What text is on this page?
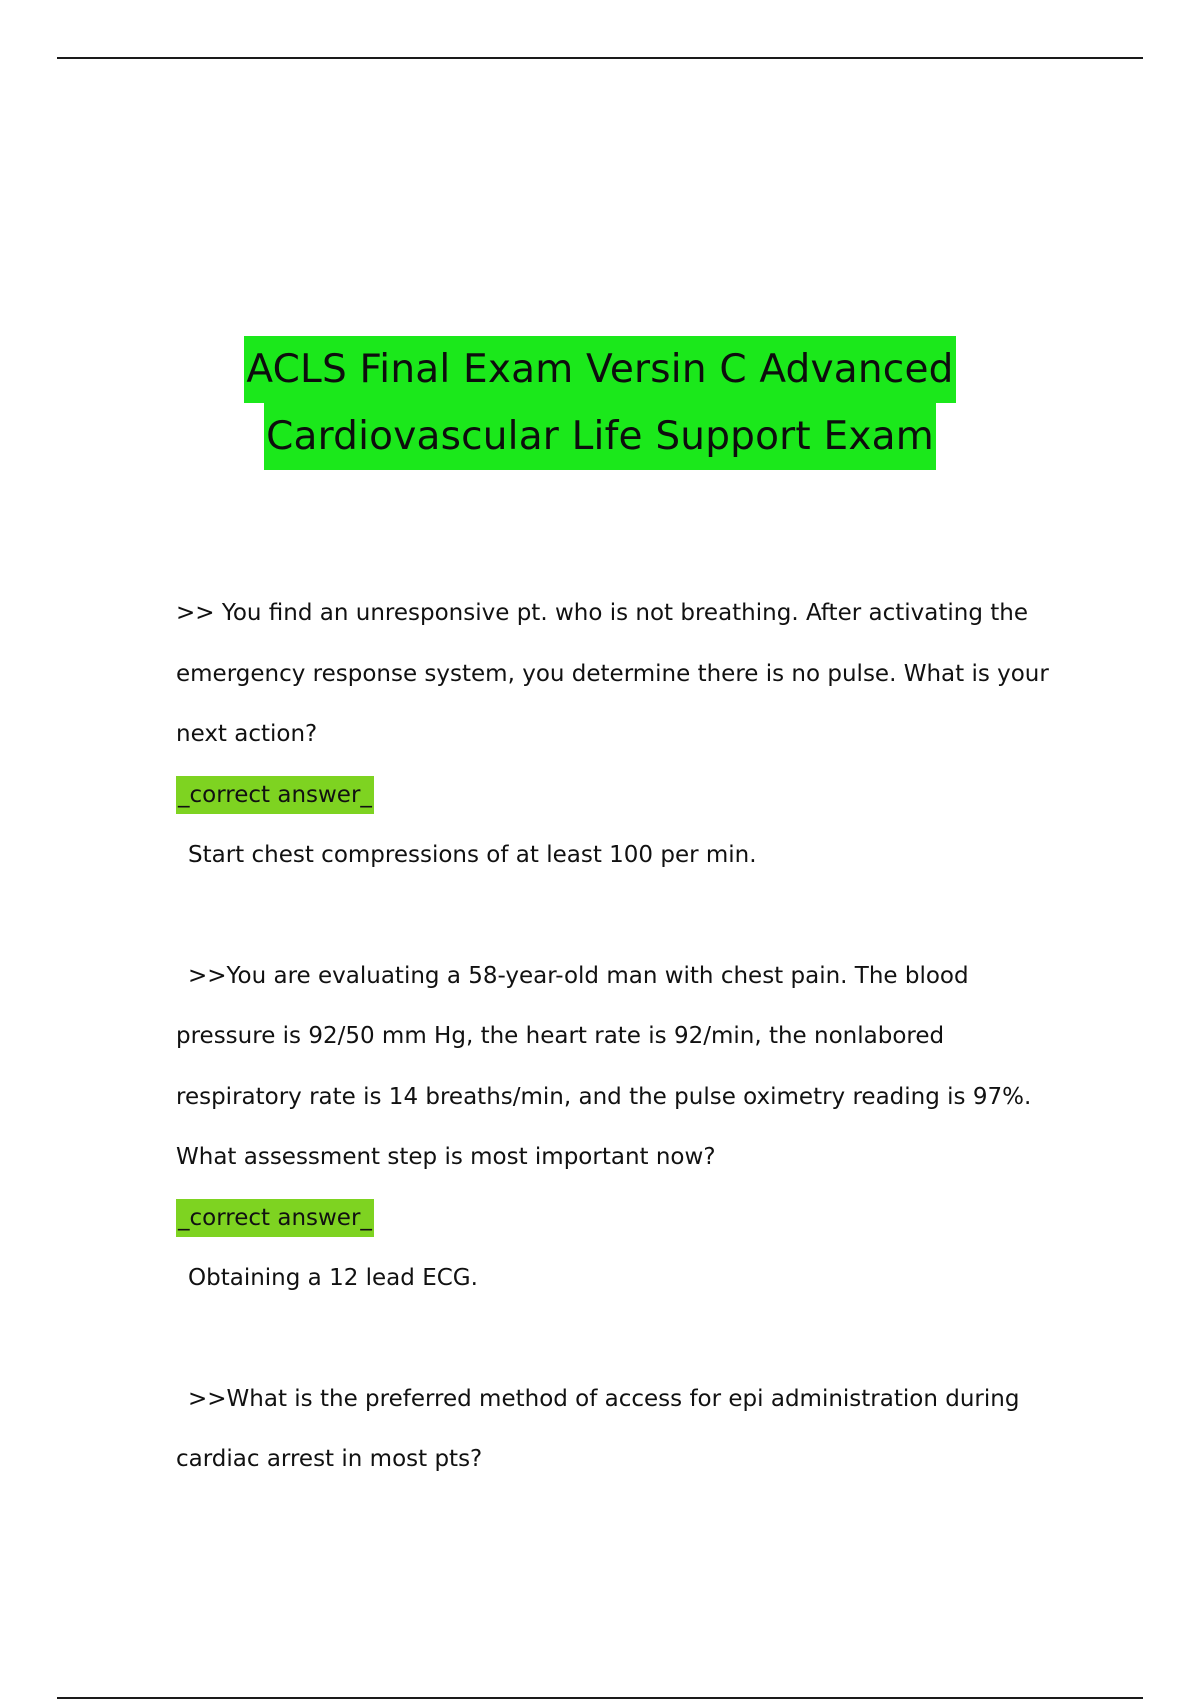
ACLS Final Exam Versin C Advanced
Cardiovascular Life Support Exam

>> You find an unresponsive pt. who is not breathing. After activating the

emergency response system, you determine there is no pulse. What is your

next action?

_correct answer_

Start chest compressions of at least 100 per min.

>>You are evaluating a 58-year-old man with chest pain. The blood

pressure is 92/50 mm Hg, the heart rate is 92/min, the nonlabored

respiratory rate is 14 breaths/min, and the pulse oximetry reading is 97%.

What assessment step is most important now?

_correct answer_

Obtaining a 12 lead ECG.

>>What is the preferred method of access for epi administration during

cardiac arrest in most pts?
